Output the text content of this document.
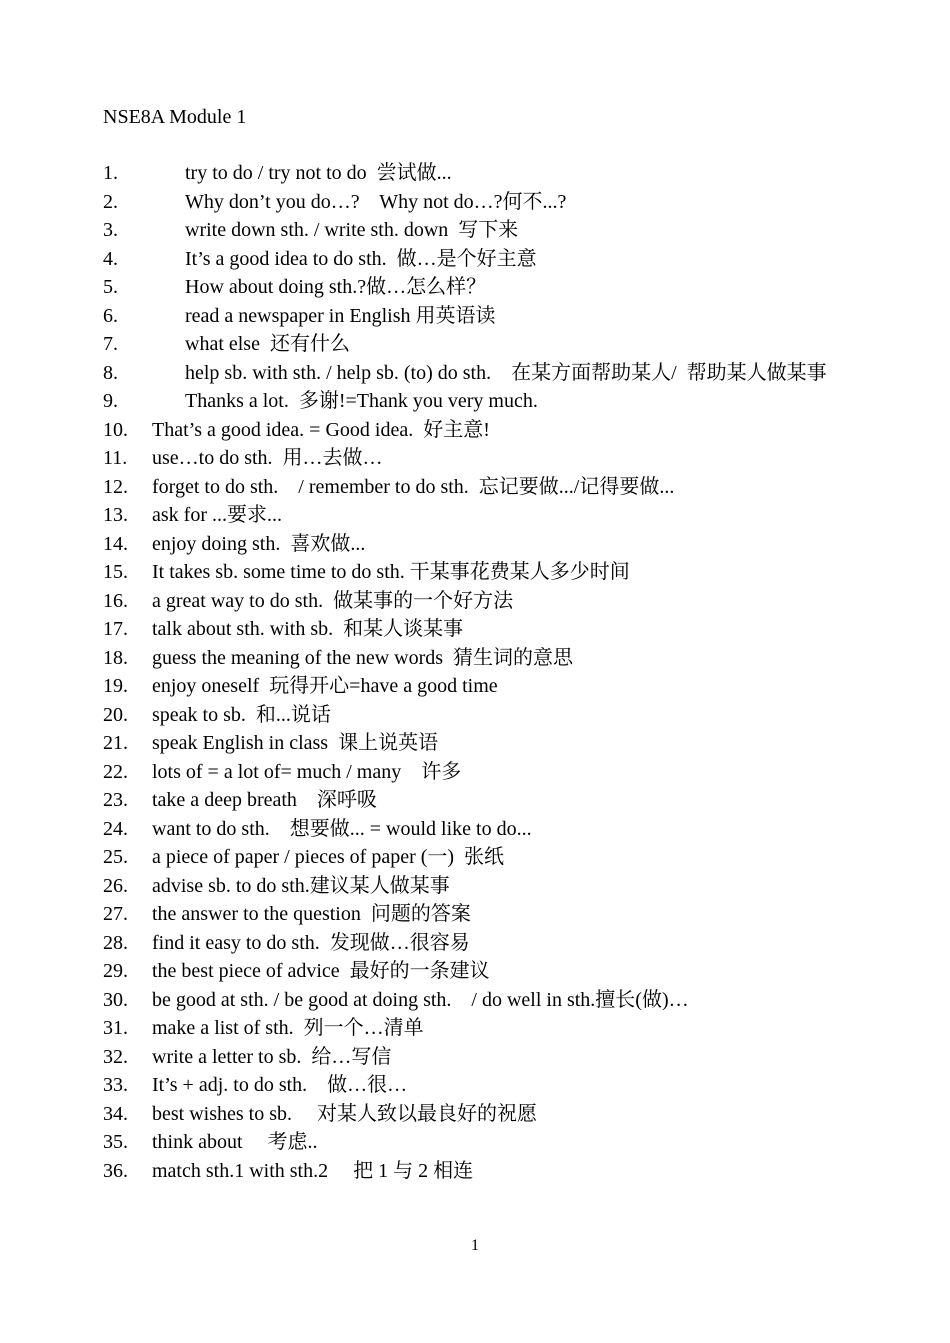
NSE8A Module 1
1.	try to do / try not to do  尝试做...
2.	Why don’t you do…?    Why not do…?何不...?
3.	write down sth. / write sth. down  写下来
4.	It’s a good idea to do sth.  做…是个好主意
5.	How about doing sth.?做…怎么样？
6.	read a newspaper in English 用英语读
7.	what else  还有什么
8.	help sb. with sth. / help sb. (to) do sth.    在某方面帮助某人/  帮助某人做某事
9.	Thanks a lot.  多谢!=Thank you very much.
10.	That’s a good idea. = Good idea.  好主意!
11.	use…to do sth.  用…去做…
12.	forget to do sth.    / remember to do sth.  忘记要做.../记得要做...
13.	ask for ...要求...
14.	enjoy doing sth.  喜欢做...
15.	It takes sb. some time to do sth. 干某事花费某人多少时间
16.	a great way to do sth.  做某事的一个好方法
17.	talk about sth. with sb.  和某人谈某事
18.	guess the meaning of the new words  猜生词的意思
19.	enjoy oneself  玩得开心=have a good time
20.	speak to sb.  和...说话
21.	speak English in class  课上说英语
22.	lots of = a lot of= much / many    许多
23.	take a deep breath    深呼吸
24.	want to do sth.    想要做... = would like to do...
25.	a piece of paper / pieces of paper (一)  张纸
26.	advise sb. to do sth.建议某人做某事
27.	the answer to the question  问题的答案
28.	find it easy to do sth.  发现做…很容易
29.	the best piece of advice  最好的一条建议
30.	be good at sth. / be good at doing sth.    / do well in sth.擅长(做)…
31.	make a list of sth.  列一个…清单
32.	write a letter to sb.  给…写信
33.	It’s + adj. to do sth.    做…很…
34.	best wishes to sb.     对某人致以最良好的祝愿
35.	think about     考虑..
36.	match sth.1 with sth.2     把 1 与 2 相连
1
